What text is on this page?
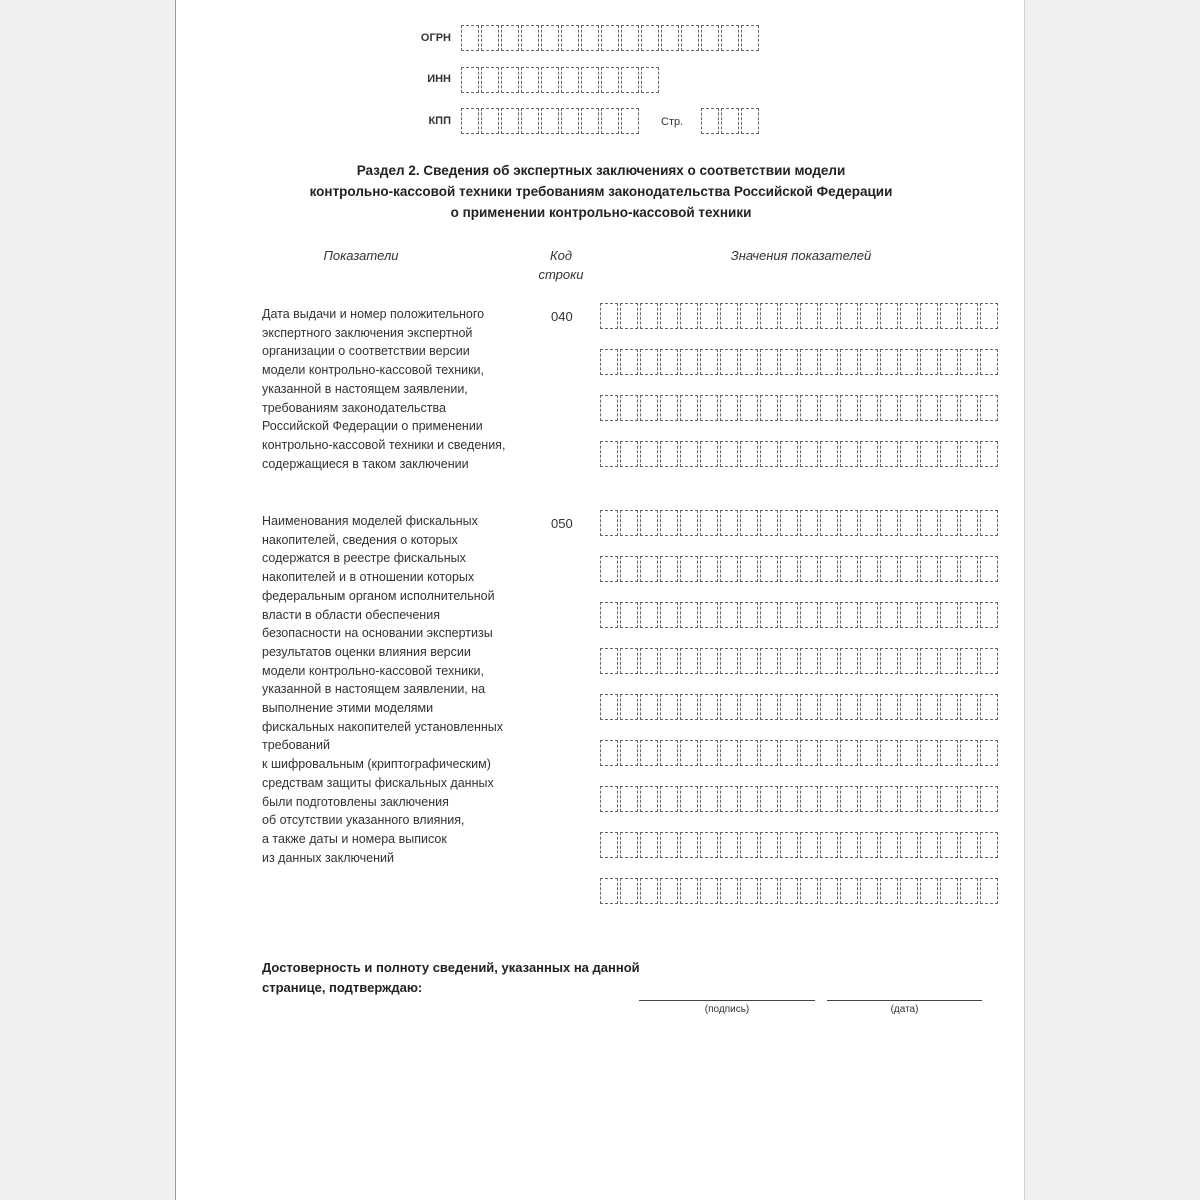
ОГРН
ИНН
КПП	Стр.
Раздел 2. Сведения об экспертных заключениях о соответствии модели
контрольно-кассовой техники требованиям законодательства Российской Федерации
о применении контрольно-кассовой техники
Показатели	Код
строки
Значения показателей
Дата выдачи и номер положительного
экспертного заключения экспертной
организации о соответствии версии
модели контрольно-кассовой техники,
указанной в настоящем заявлении,
требованиям законодательства
Российской Федерации о применении
контрольно-кассовой техники и сведения,
содержащиеся в таком заключении
040
Наименования моделей фискальных
накопителей, сведения о которых
содержатся в реестре фискальных
накопителей и в отношении которых
федеральным органом исполнительной
власти в области обеспечения
безопасности на основании экспертизы
результатов оценки влияния версии
модели контрольно-кассовой техники,
указанной в настоящем заявлении, на
выполнение этими моделями
фискальных накопителей установленных
требований
к шифровальным (криптографическим)
средствам защиты фискальных данных
были подготовлены заключения
об отсутствии указанного влияния,
а также даты и номера выписок
из данных заключений
050
Достоверность и полноту сведений, указанных на данной
странице, подтверждаю:
(подпись)	(дата)
